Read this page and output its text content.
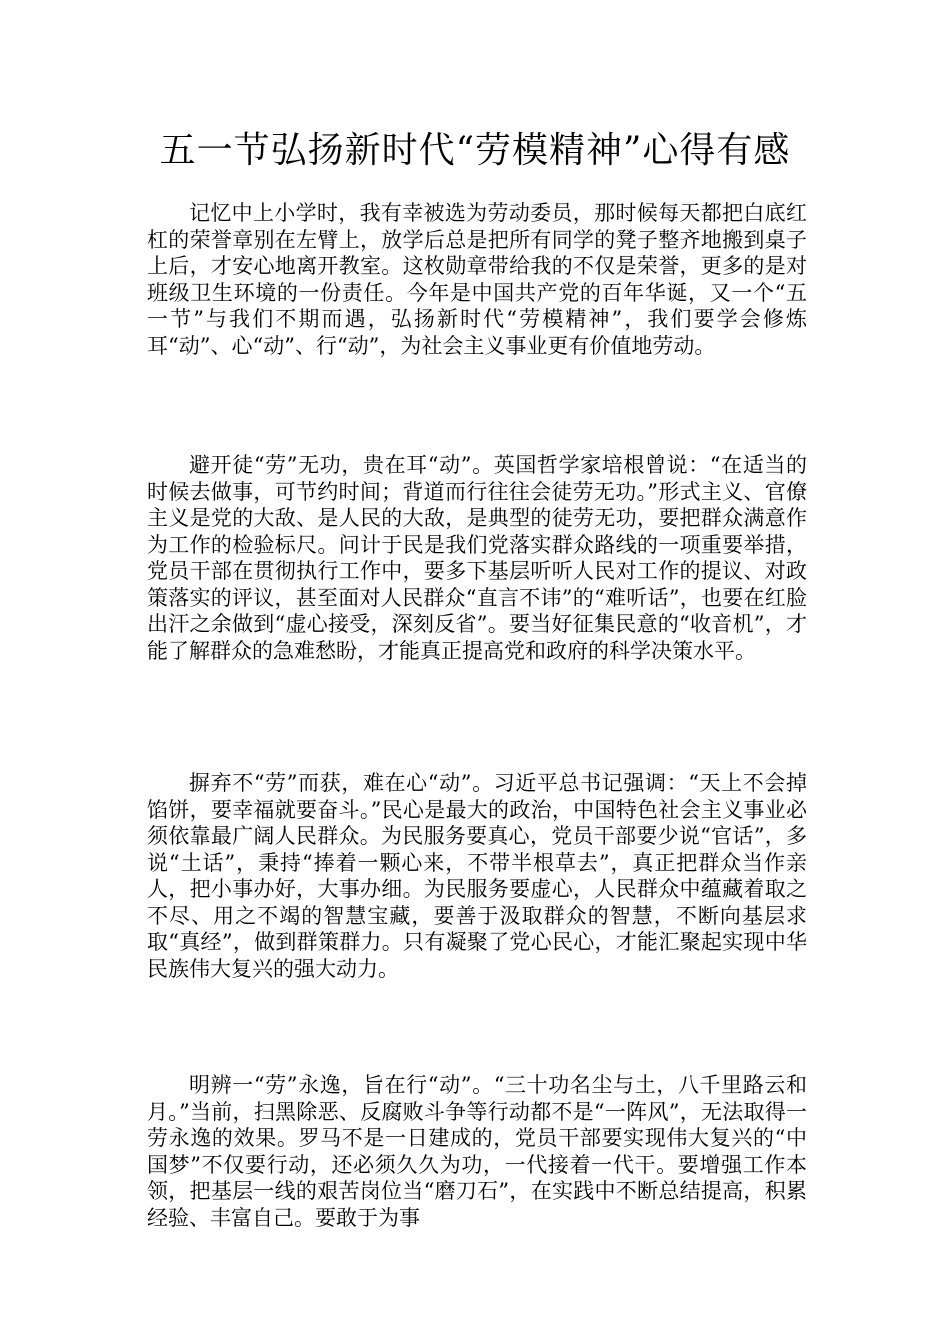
五一节弘扬新时代“劳模精神”心得有感

记忆中上小学时，我有幸被选为劳动委员，那时候每天都把白底红杠的荣誉章别在左臂上，放学后总是把所有同学的凳子整齐地搬到桌子上后，才安心地离开教室。这枚勋章带给我的不仅是荣誉，更多的是对班级卫生环境的一份责任。今年是中国共产党的百年华诞，又一个“五一节”与我们不期而遇，弘扬新时代“劳模精神”，我们要学会修炼耳“动”、心“动”、行“动”，为社会主义事业更有价值地劳动。

避开徒“劳”无功，贵在耳“动”。英国哲学家培根曾说：“在适当的时候去做事，可节约时间；背道而行往往会徒劳无功。”形式主义、官僚主义是党的大敌、是人民的大敌，是典型的徒劳无功，要把群众满意作为工作的检验标尺。问计于民是我们党落实群众路线的一项重要举措，党员干部在贯彻执行工作中，要多下基层听听人民对工作的提议、对政策落实的评议，甚至面对人民群众“直言不讳”的“难听话”，也要在红脸出汗之余做到“虚心接受，深刻反省”。要当好征集民意的“收音机”，才能了解群众的急难愁盼，才能真正提高党和政府的科学决策水平。

摒弃不“劳”而获，难在心“动”。习近平总书记强调：“天上不会掉馅饼，要幸福就要奋斗。”民心是最大的政治，中国特色社会主义事业必须依靠最广阔人民群众。为民服务要真心，党员干部要少说“官话”，多说“土话”，秉持“捧着一颗心来，不带半根草去”，真正把群众当作亲人，把小事办好，大事办细。为民服务要虚心，人民群众中蕴藏着取之不尽、用之不竭的智慧宝藏，要善于汲取群众的智慧，不断向基层求取“真经”，做到群策群力。只有凝聚了党心民心，才能汇聚起实现中华民族伟大复兴的强大动力。

明辨一“劳”永逸，旨在行“动”。“三十功名尘与土，八千里路云和月。”当前，扫黑除恶、反腐败斗争等行动都不是“一阵风”，无法取得一劳永逸的效果。罗马不是一日建成的，党员干部要实现伟大复兴的“中国梦”不仅要行动，还必须久久为功，一代接着一代干。要增强工作本领，把基层一线的艰苦岗位当“磨刀石”，在实践中不断总结提高，积累经验、丰富自己。要敢于为事
